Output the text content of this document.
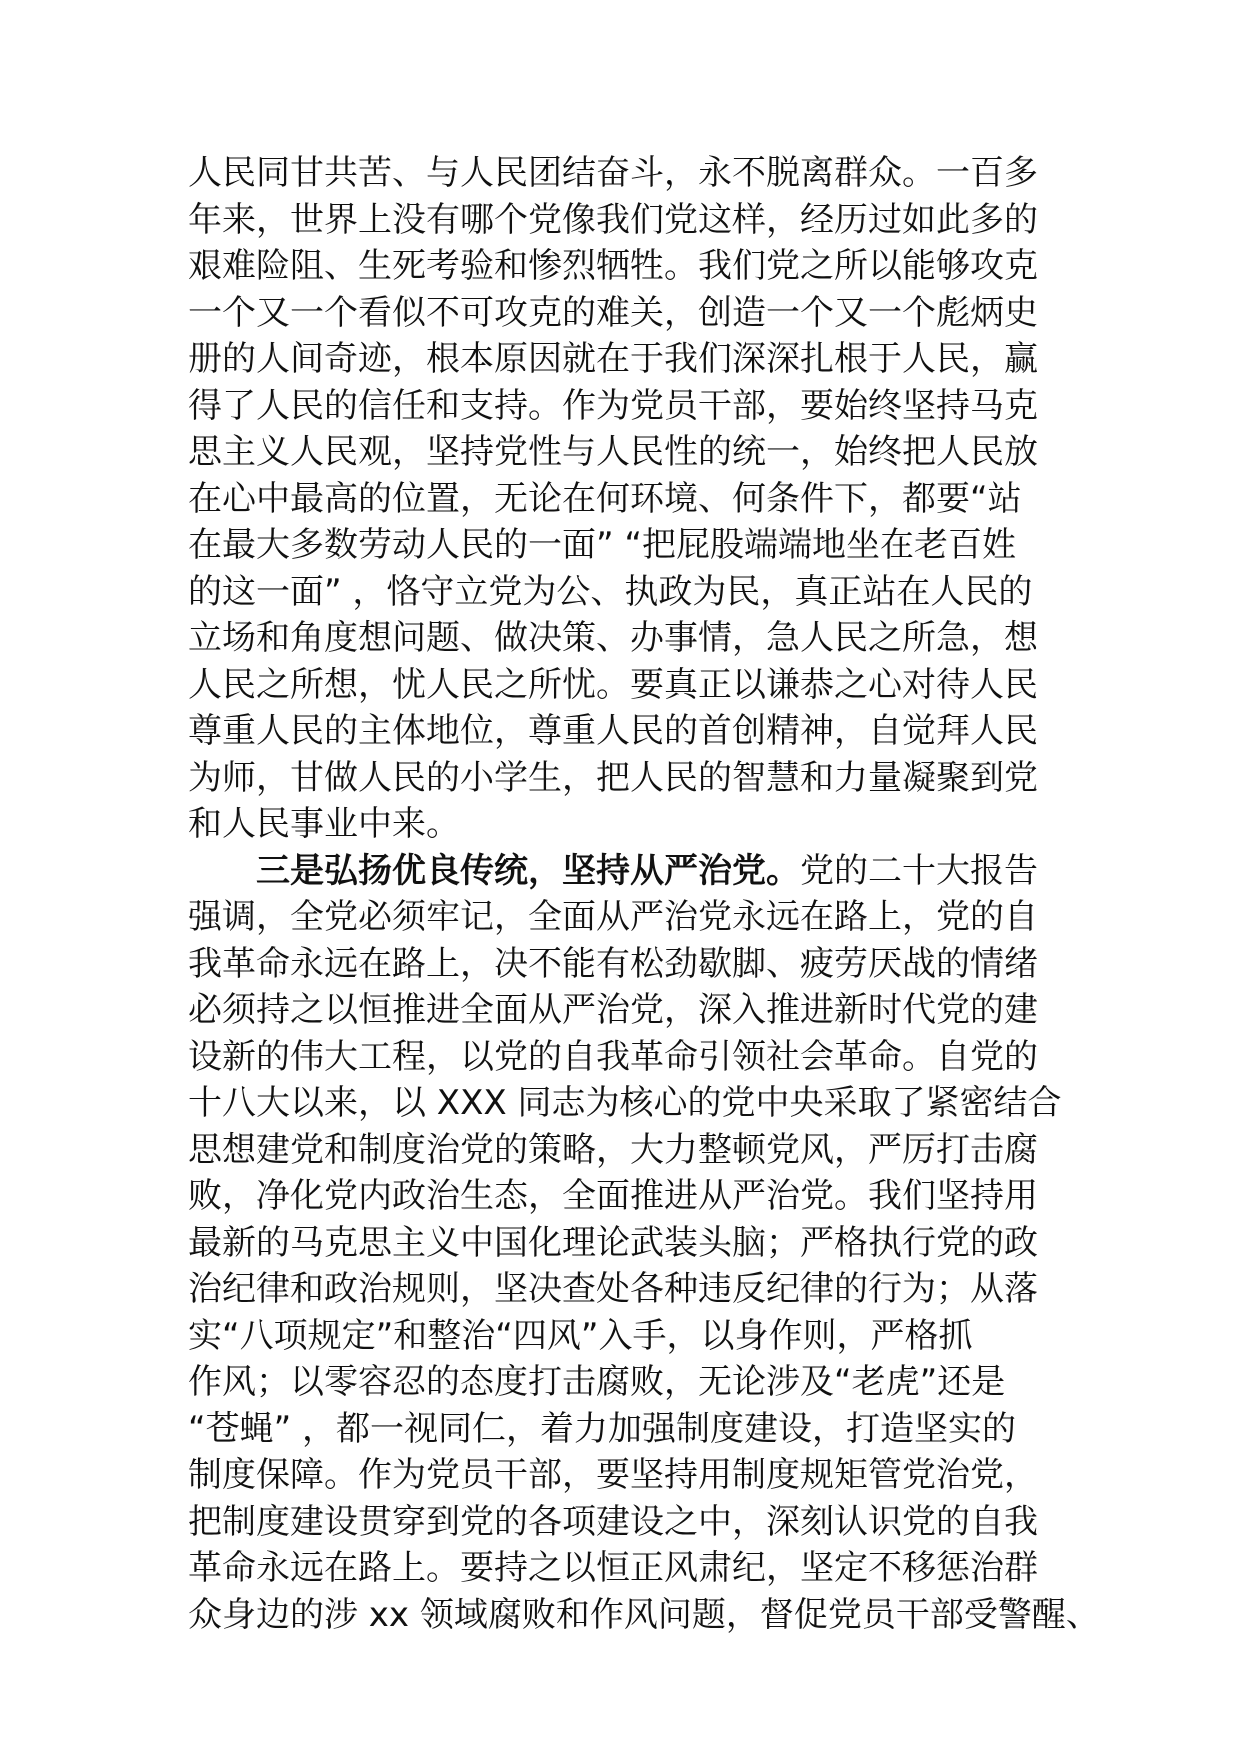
人民同甘共苦、与人民团结奋斗，永不脱离群众。一百多
年来，世界上没有哪个党像我们党这样，经历过如此多的
艰难险阻、生死考验和惨烈牺牲。我们党之所以能够攻克
一个又一个看似不可攻克的难关，创造一个又一个彪炳史
册的人间奇迹，根本原因就在于我们深深扎根于人民，赢
得了人民的信任和支持。作为党员干部，要始终坚持马克
思主义人民观，坚持党性与人民性的统一，始终把人民放
在心中最高的位置，无论在何环境、何条件下，都要“站
在最大多数劳动人民的一面” “把屁股端端地坐在老百姓
的这一面” ，恪守立党为公、执政为民，真正站在人民的
立场和角度想问题、做决策、办事情，急人民之所急，想
人民之所想，忧人民之所忧。要真正以谦恭之心对待人民
尊重人民的主体地位，尊重人民的首创精神，自觉拜人民
为师，甘做人民的小学生，把人民的智慧和力量凝聚到党
和人民事业中来。
三是弘扬优良传统，坚持从严治党。党的二十大报告
强调，全党必须牢记，全面从严治党永远在路上，党的自
我革命永远在路上，决不能有松劲歇脚、疲劳厌战的情绪
必须持之以恒推进全面从严治党，深入推进新时代党的建
设新的伟大工程，以党的自我革命引领社会革命。自党的
十八大以来，以 XXX 同志为核心的党中央采取了紧密结合
思想建党和制度治党的策略，大力整顿党风，严厉打击腐
败，净化党内政治生态，全面推进从严治党。我们坚持用
最新的马克思主义中国化理论武装头脑；严格执行党的政
治纪律和政治规则，坚决查处各种违反纪律的行为；从落
实“八项规定”和整治“四风”入手，以身作则，严格抓
作风；以零容忍的态度打击腐败，无论涉及“老虎”还是
“苍蝇” ，都一视同仁，着力加强制度建设，打造坚实的
制度保障。作为党员干部，要坚持用制度规矩管党治党，
把制度建设贯穿到党的各项建设之中，深刻认识党的自我
革命永远在路上。要持之以恒正风肃纪，坚定不移惩治群
众身边的涉 xx 领域腐败和作风问题，督促党员干部受警醒、
